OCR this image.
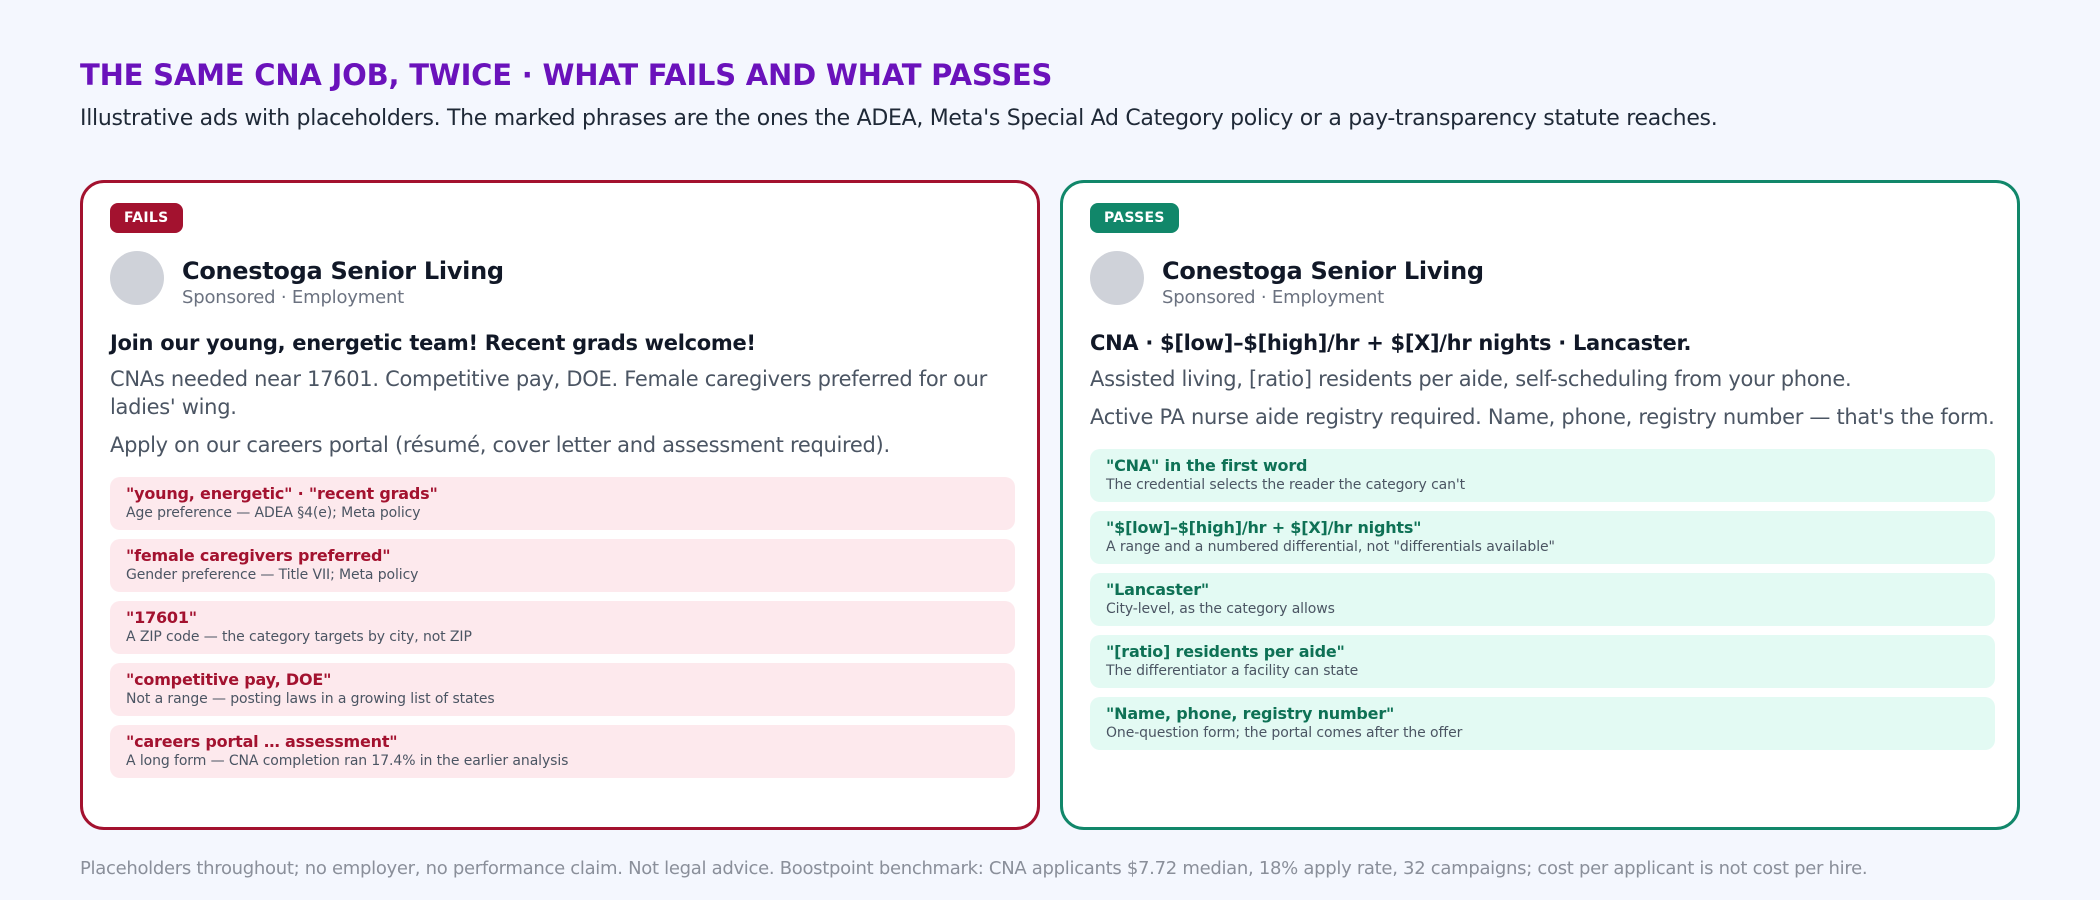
THE SAME CNA JOB, TWICE · WHAT FAILS AND WHAT PASSES
Illustrative ads with placeholders. The marked phrases are the ones the ADEA, Meta's Special Ad Category policy or a pay-transparency statute reaches.
FAILS
Conestoga Senior Living
Sponsored · Employment
Join our young, energetic team! Recent grads welcome!
CNAs needed near 17601. Competitive pay, DOE. Female caregivers preferred for our ladies' wing.
Apply on our careers portal (résumé, cover letter and assessment required).
"young, energetic" · "recent grads"
Age preference — ADEA §4(e); Meta policy
"female caregivers preferred"
Gender preference — Title VII; Meta policy
"17601"
A ZIP code — the category targets by city, not ZIP
"competitive pay, DOE"
Not a range — posting laws in a growing list of states
"careers portal … assessment"
A long form — CNA completion ran 17.4% in the earlier analysis
PASSES
Conestoga Senior Living
Sponsored · Employment
CNA · $[low]–$[high]/hr + $[X]/hr nights · Lancaster.
Assisted living, [ratio] residents per aide, self-scheduling from your phone.
Active PA nurse aide registry required. Name, phone, registry number — that's the form.
"CNA" in the first word
The credential selects the reader the category can't
"$[low]–$[high]/hr + $[X]/hr nights"
A range and a numbered differential, not "differentials available"
"Lancaster"
City-level, as the category allows
"[ratio] residents per aide"
The differentiator a facility can state
"Name, phone, registry number"
One-question form; the portal comes after the offer
Placeholders throughout; no employer, no performance claim. Not legal advice. Boostpoint benchmark: CNA applicants $7.72 median, 18% apply rate, 32 campaigns; cost per applicant is not cost per hire.
